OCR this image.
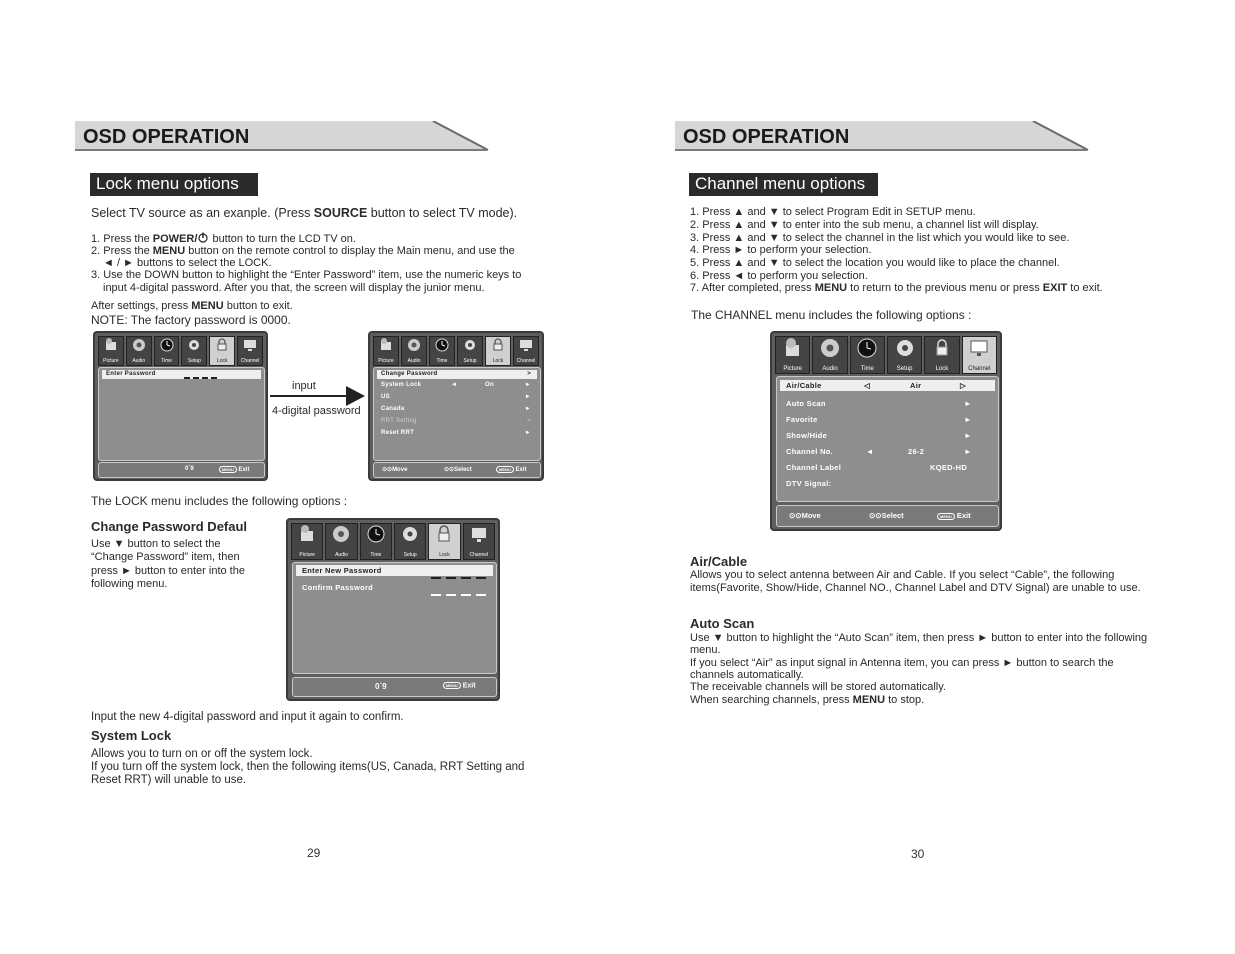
OSD OPERATION
Lock menu options
Select TV source as an exanple. (Press SOURCE button to select TV mode).
1. Press the POWER/ button to turn the LCD TV on.
2. Press the MENU button on the remote control to display the Main menu, and use the
◄ / ► buttons to select the LOCK.
3. Use the DOWN button to highlight the “Enter Password” item, use the numeric keys to
input 4-digital password. After you that, the screen will display the junior menu.
After settings, press MENU button to exit.
NOTE: The factory password is 0000.
Picture	Audio	Time	Setup	Lock	Channel
Enter Password
0`9	MENU Exit
input
4-digital password
Picture	Audio	Time	Setup	Lock	Channel
Change Password	>
System Lock	◄	On	►
US	►
Canada	►
RRT Setting	>
Reset RRT	►
⊙⊙Move	⊙⊙Select	MENU Exit
The LOCK menu includes the following options :
Change Password Defaul
Use ▼ button to select the
“Change Password” item, then
press ► button to enter into the
following menu.
Picture	Audio	Time	Setup	Lock	Channel
Enter New Password
Confirm Password
0`9	MENU Exit
Input the new 4-digital password and input it again to confirm.
System Lock
Allows you to turn on or off the system lock.
If you turn off the system lock, then the following items(US, Canada, RRT Setting and
Reset RRT) will unable to use.
29
OSD OPERATION
Channel menu options
1. Press ▲ and ▼ to select Program Edit in SETUP menu.
2. Press ▲ and ▼ to enter into the sub menu, a channel list will display.
3. Press ▲ and ▼ to select the channel in the list which you would like to see.
4. Press ► to perform your selection.
5. Press ▲ and ▼ to select the location you would like to place the channel.
6. Press ◄ to perform you selection.
7. After completed, press MENU to return to the previous menu or press EXIT to exit.
The CHANNEL menu includes the following options :
Picture	Audio	Time	Setup	Lock	Channel
Air/Cable	◁	Air	▷
Auto Scan	►
Favorite	►
Show/Hide	►
Channel No.	◄	26-2	►
Channel Label	KQED-HD
DTV Signal:
⊙⊙Move	⊙⊙Select	MENU Exit
Air/Cable
Allows you to select antenna between Air and Cable. If you select “Cable”, the following
items(Favorite, Show/Hide, Channel NO., Channel Label and DTV Signal) are unable to use.
Auto Scan
Use ▼ button to highlight the “Auto Scan” item, then press ► button to enter into the following
menu.
If you select “Air” as input signal in Antenna item, you can press ► button to search the
channels automatically.
The receivable channels will be stored automatically.
When searching channels, press MENU to stop.
30
